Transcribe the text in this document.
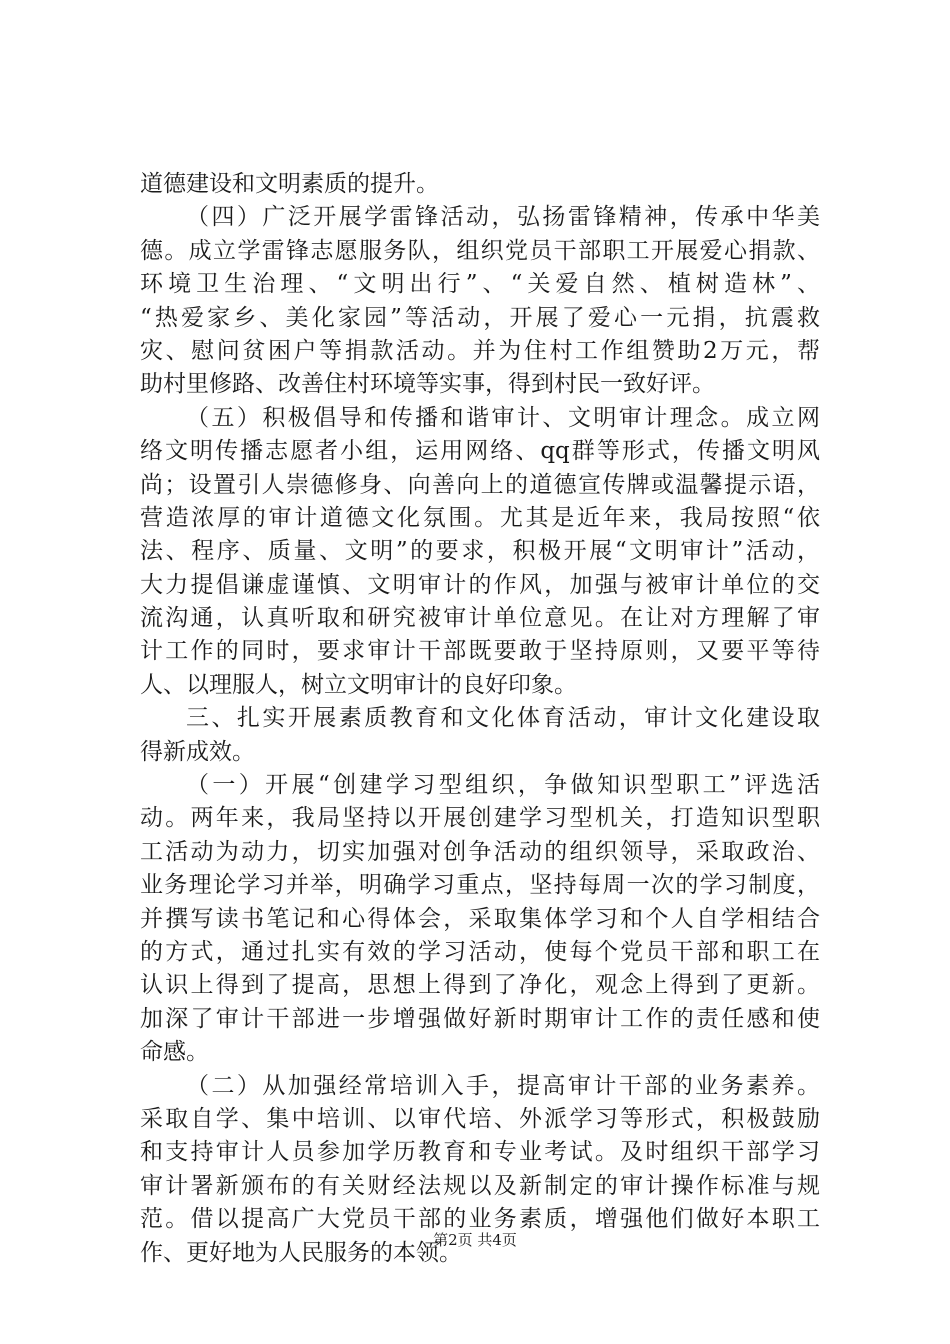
道德建设和文明素质的提升。
（四）广泛开展学雷锋活动，弘扬雷锋精神，传承中华美
德。成立学雷锋志愿服务队，组织党员干部职工开展爱心捐款、
环境卫生治理、“文明出行”、“关爱自然、植树造林”、
“热爱家乡、美化家园”等活动，开展了爱心一元捐，抗震救
灾、慰问贫困户等捐款活动。并为住村工作组赞助2万元，帮
助村里修路、改善住村环境等实事，得到村民一致好评。
（五）积极倡导和传播和谐审计、文明审计理念。成立网
络文明传播志愿者小组，运用网络、qq群等形式，传播文明风
尚；设置引人崇德修身、向善向上的道德宣传牌或温馨提示语，
营造浓厚的审计道德文化氛围。尤其是近年来，我局按照“依
法、程序、质量、文明”的要求，积极开展“文明审计”活动，
大力提倡谦虚谨慎、文明审计的作风，加强与被审计单位的交
流沟通，认真听取和研究被审计单位意见。在让对方理解了审
计工作的同时，要求审计干部既要敢于坚持原则，又要平等待
人、以理服人，树立文明审计的良好印象。
三、扎实开展素质教育和文化体育活动，审计文化建设取
得新成效。
（一）开展“创建学习型组织，争做知识型职工”评选活
动。两年来，我局坚持以开展创建学习型机关，打造知识型职
工活动为动力，切实加强对创争活动的组织领导，采取政治、
业务理论学习并举，明确学习重点，坚持每周一次的学习制度，
并撰写读书笔记和心得体会，采取集体学习和个人自学相结合
的方式，通过扎实有效的学习活动，使每个党员干部和职工在
认识上得到了提高，思想上得到了净化，观念上得到了更新。
加深了审计干部进一步增强做好新时期审计工作的责任感和使
命感。
（二）从加强经常培训入手，提高审计干部的业务素养。
采取自学、集中培训、以审代培、外派学习等形式，积极鼓励
和支持审计人员参加学历教育和专业考试。及时组织干部学习
审计署新颁布的有关财经法规以及新制定的审计操作标准与规
范。借以提高广大党员干部的业务素质，增强他们做好本职工
作、更好地为人民服务的本领。
第2页 共4页
